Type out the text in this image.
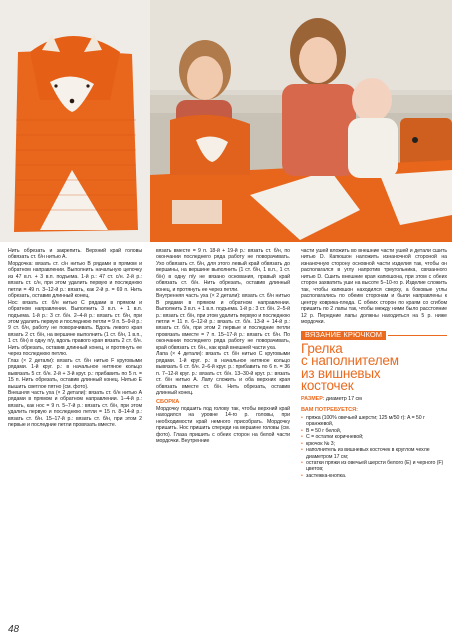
Нить обрезать и закрепить. Верхний край головы обвязать ст. б/н нитью А.

Мордочка: вязать ст. с/н нитью В рядами в прямом и обратном направлении. Выполнить начальную цепочку из 47 в.п. + 3 в.п. подъема. 1-й р.: 47 ст. с/н. 2-й р.: вязать ст. с/н, при этом удалить первую и последнюю петли = 49 п. 3–12-й р.: вязать, как 2-й р. = 69 п. Нить обрезать, оставив длинный конец.

Нос: вязать ст. б/н нитью С рядами в прямом и обратном направлении. Выполнить 3 в.п. + 1 в.п. подъема. 1-й р.: 3 ст. б/н. 2–4-й р.: вязать ст. б/н, при этом удалить первую и последнюю петли = 9 п. 5–9-й р.: 9 ст. б/н, работу не поворачивать. Вдоль левого края вязать 2 ст. б/н, на вершине выполнить (1 ст. б/н, 1 в.п., 1 ст. б/н) в одну п/у, вдоль правого края вязать 2 ст. б/н. Нить обрезать, оставив длинный конец, и протянуть ее через последнюю петлю.

Глаз (× 2 детали): вязать ст. б/н нитью F круговыми рядами. 1-й круг. р.: в начальное нитяное кольцо вывязать 5 ст. б/н. 2-й + 3-й круг. р.: прибавить по 5 п. = 15 п. Нить обрезать, оставив длинный конец. Нитью E вышить светлое пятно (см. фото).

Внешняя часть уха (× 2 детали): вязать ст. б/н нитью А рядами в прямом и обратном направлении. 1–4-й р.: вязать, как нос = 9 п. 5–7-й р.: вязать ст. б/н, при этом удалить первую и последнюю петли = 15 п. 8–14-й р.: вязать ст. б/н. 15–17-й р.: вязать ст. б/н, при этом 2 первые и последние петли провязать вместе.

вязать вместе = 9 п. 18-й + 19-й р.: вязать ст. б/н, по окончании последнего ряда работу не поворачивать. Ухо обвязать ст. б/н, для этого левый край обвязать до вершины, на вершине выполнить (1 ст. б/н, 1 в.п., 1 ст. б/н) в одну п/у не вязано основания, правый край обвязать ст. б/н. Нить обрезать, оставив длинный конец, и протянуть ее через петли.

Внутренняя часть уха (× 2 детали): вязать ст. б/н нитью В рядами в прямом и обратном направлении. Выполнить 3 в.п. + 1 в.п. подъема. 1-й р.: 3 ст. б/н. 2–5-й р.: вязать ст. б/н, при этом удалить первую и последнюю петли = 11 п. 6–12-й р.: вязать ст. б/н. 13-й + 14-й р.: вязать ст. б/н, при этом 2 первые и последние петли провязать вместе = 7 п. 15–17-й р.: вязать ст. б/н. По окончании последнего ряда работу не поворачивать, край обвязать ст. б/н., как край внешней части уха.

Лапа (× 4 детали): вязать ст. б/н нитью С круговыми рядами. 1-й круг. р.: в начальное нитяное кольцо вывязать 6 ст. б/н. 2–6-й круг. р.: прибавить по 6 п. = 36 п. 7–12-й круг. р.: вязать ст. б/н. 13–30-й круг. р.: вязать ст. б/н нитью А. Лапу сложить и оба верхних края обвязать вместе ст. б/н. Нить обрезать, оставив длинный конец.

СБОРКА

Мордочку подшить под голову так, чтобы верхний край находился на уровне 14-го р. головы, при необходимости край немного присобрать. Мордочку пришить. Нос пришить спереди на вершине головы (см. фото). Глаза пришить с обеих сторон на белой части мордочки. Внутренние

части ушей вложить во внешние части ушей и детали сшить нитью D. Капюшон наложить изнаночной стороной на изнаночную сторону основной части изделия так, чтобы он располагался в углу напротив треугольника, связанного нитью D. Сшить внешние края капюшона, при этом с обеих сторон захватить уши на высоте 5–10-го р. Изделие сложить так, чтобы капюшон находился сверху, а боковые углы располагались по обеим сторонам и были направлены к центру коврика-пледа. С обеих сторон по краям со сгибом пришить по 2 лапы так, чтобы между ними было расстояние 12 р. Передние лапы должны находиться на 5 р. ниже мордочки.

ВЯЗАНИЕ КРЮЧКОМ
Грелка
с наполнителем
из вишневых
косточек
РАЗМЕР: диаметр 17 см
ВАМ ПОТРЕБУЕТСЯ:
• пряжа (100% овечьей шерсти; 125 м/50 г): A = 50 г оранжевой,
• B = 50 г белой,
• С = остатки коричневой;
• крючок № 3;
• наполнитель из вишневых косточек в круглом чехле диаметром 17 см;
• остатки пряжи из овечьей шерсти белого (E) и черного (F) цветов;
• застежка-кнопка.
48
